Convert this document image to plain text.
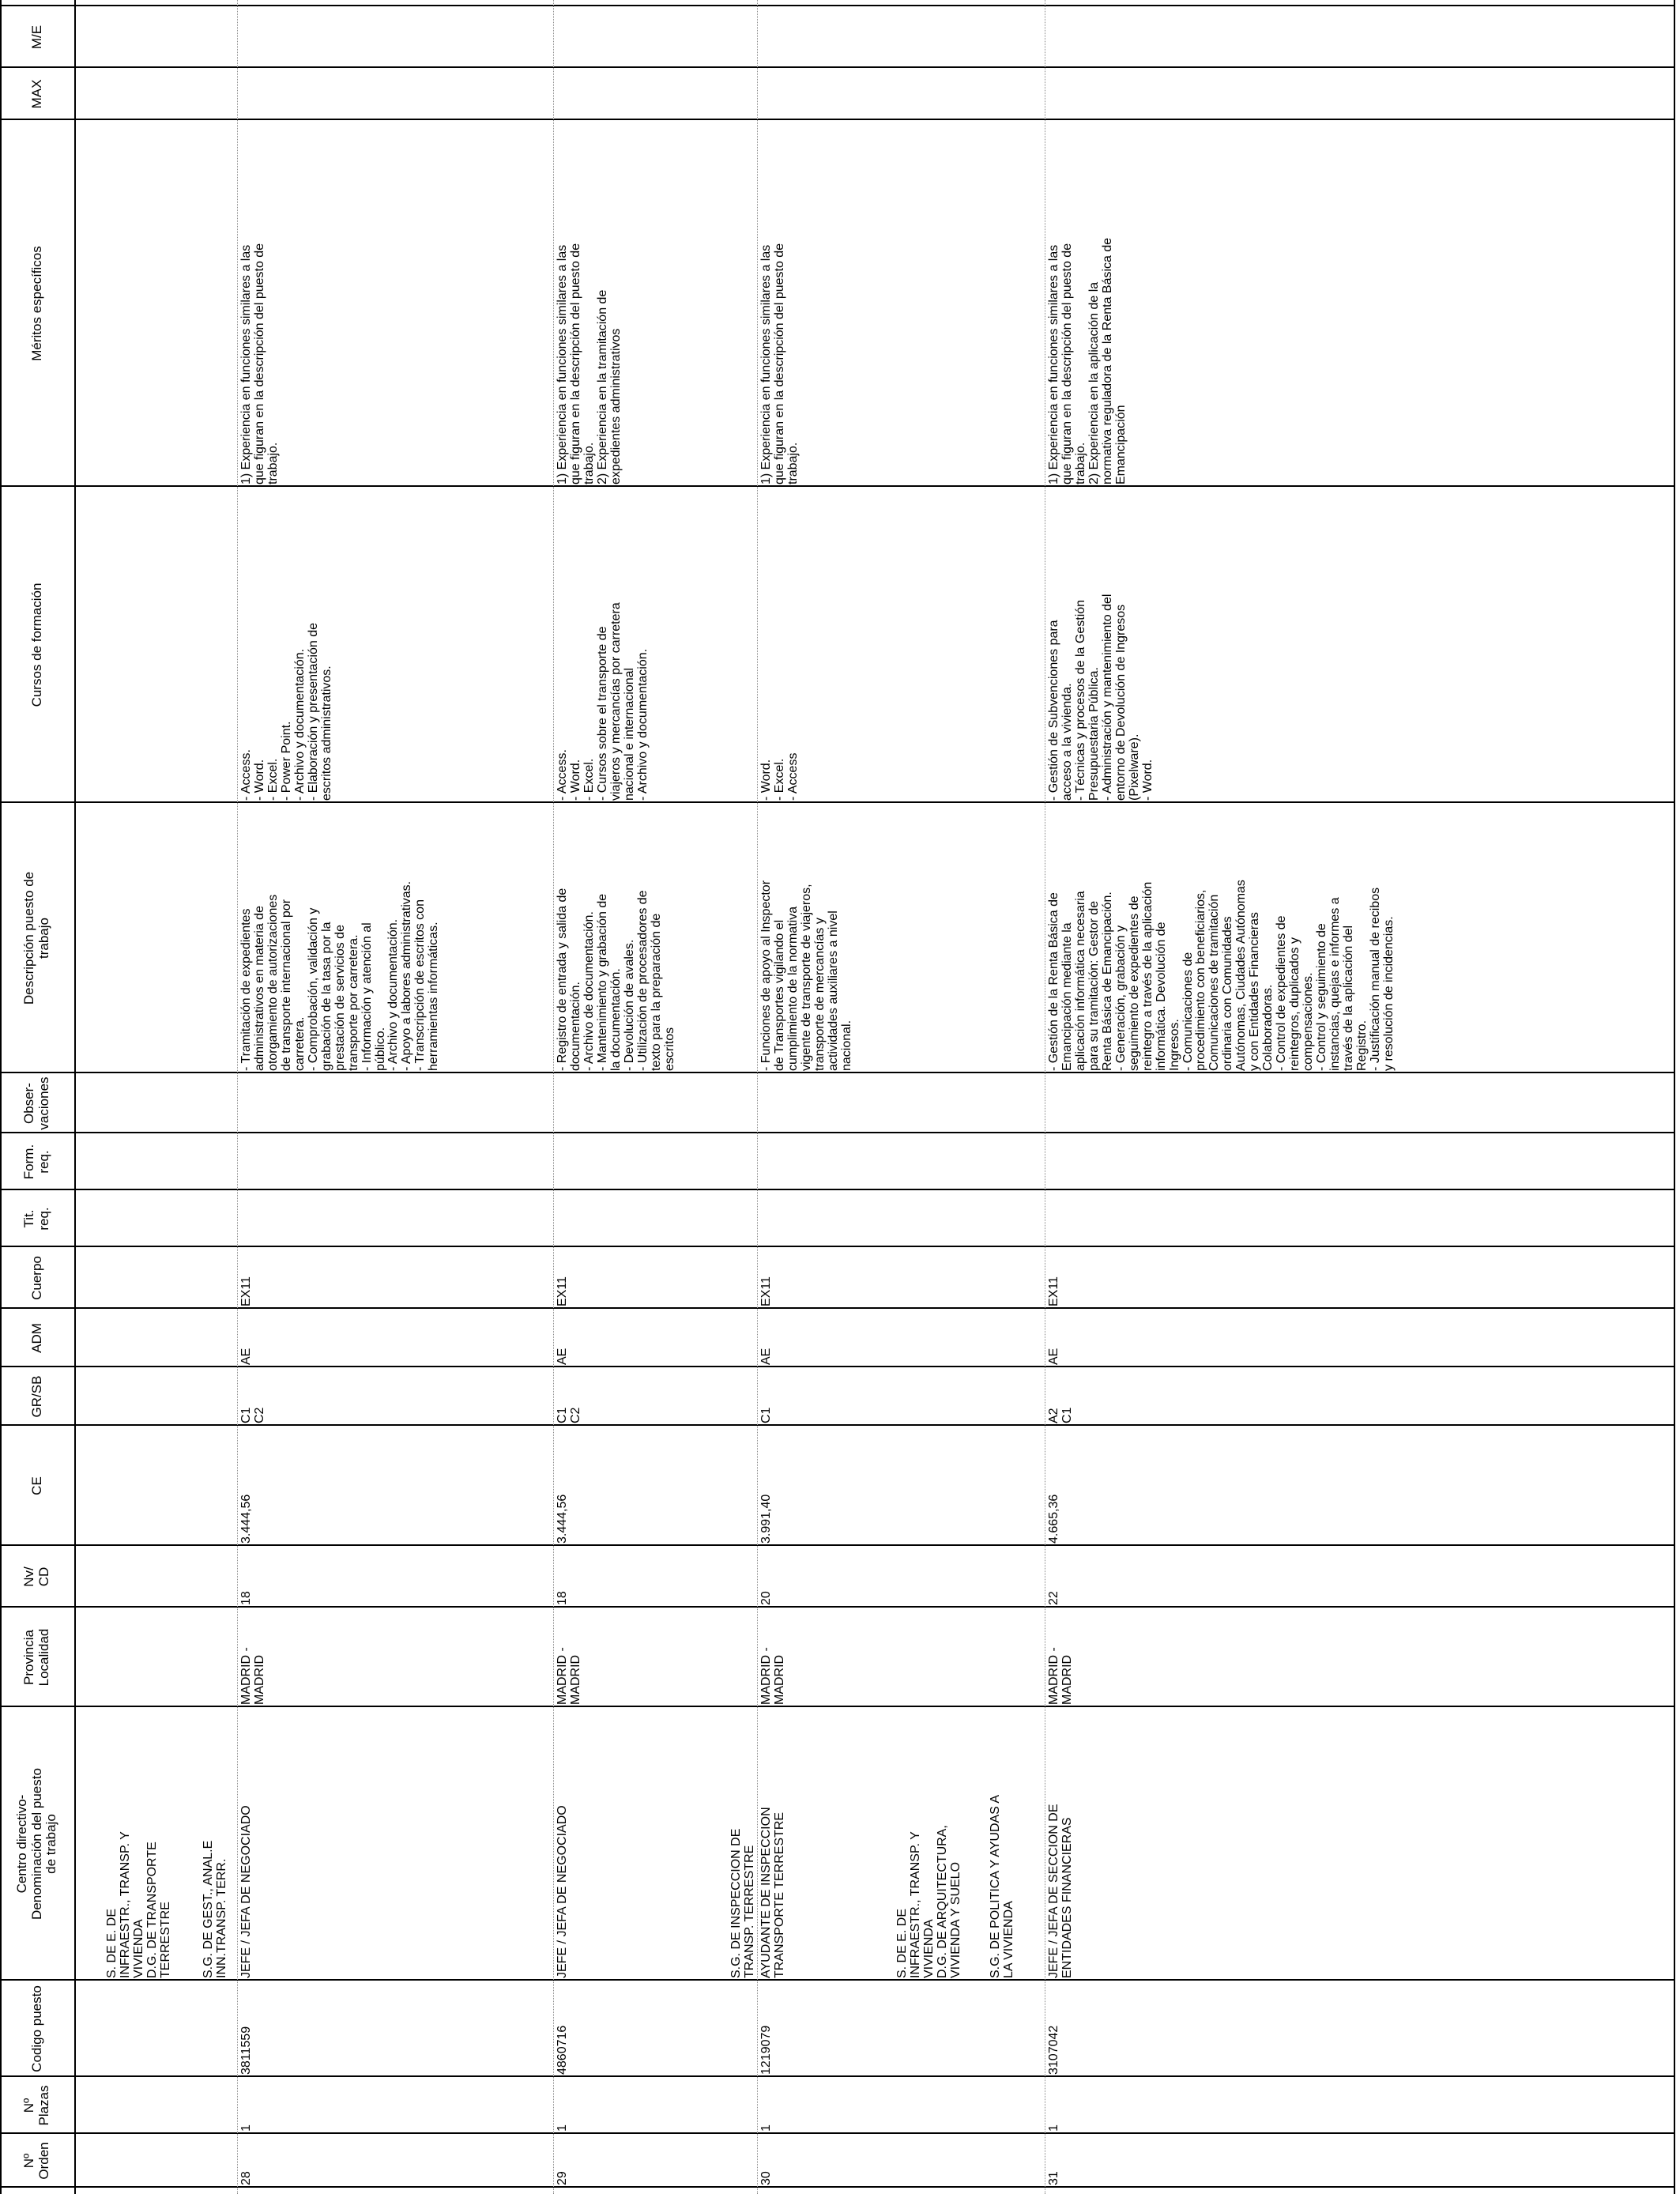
Nº Orden
Nº Plazas
Codigo puesto
Centro directivo-
Denominación del puesto
de trabajo
Provincia
Localidad
Nv/
CD
CE
GR/SB
ADM
Cuerpo
Tit.
req.
Form.
req.
Obser-
vaciones
Descripción puesto de
trabajo
Cursos de formación
Méritos específicos
MAX
M/E
S. DE E. DE INFRAESTR., TRANSP. Y VIVIENDA D.G. DE TRANSPORTE TERRESTRE S.G. DE GEST., ANAL.E INN.TRANSP. TERR.	S.G. DE INSPECCION DE TRANSP. TERRESTRE	S. DE E. DE INFRAESTR., TRANSP. Y VIVIENDA D.G. DE ARQUITECTURA, VIVIENDA Y SUELO S.G. DE POLITICA Y AYUDAS A LA VIVIENDA
28
1
3811559
JEFE / JEFA DE NEGOCIADO
MADRID - MADRID
18
3.444,56
C1 C2
AE
EX11
- Tramitación de expedientes administrativos en materia de otorgamiento de autorizaciones de transporte internacional por carretera. - Comprobación, validación y grabación de la tasa por la prestación de servicios de transporte por carretera. - Información y atención al público. - Archivo y documentación. - Apoyo a labores administrativas. - Transcripción de escritos con herramientas informáticas.
- Access. - Word. - Excel. - Power Point. - Archivo y documentación. - Elaboración y presentación de escritos administrativos.
1) Experiencia en funciones similares a las que figuran en la descripción del puesto de trabajo.
29
1
4860716
JEFE / JEFA DE NEGOCIADO
MADRID - MADRID
18
3.444,56
C1 C2
AE
EX11
- Registro de entrada y salida de documentación. - Archivo de documentación. - Mantenimiento y grabación de la documentación. - Devolución de avales. - Utilización de procesadores de texto para la preparación de escritos
- Access. - Word. - Excel. - Cursos sobre el transporte de viajeros y mercancías por carretera nacional e internacional - Archivo y documentación.
1) Experiencia en funciones similares a las que figuran en la descripción del puesto de trabajo. 2) Experiencia en la tramitación de expedientes administrativos
30
1
1219079
AYUDANTE DE INSPECCION TRANSPORTE TERRESTRE
MADRID - MADRID
20
3.991,40
C1
AE
EX11
- Funciones de apoyo al Inspector de Transportes vigilando el cumplimiento de la normativa vigente de transporte de viajeros, transporte de mercancías y actividades auxiliares a nivel nacional.
- Word. - Excel. - Access
1) Experiencia en funciones similares a las que figuran en la descripción del puesto de trabajo.
31
1
3107042
JEFE / JEFA DE SECCION DE ENTIDADES FINANCIERAS
MADRID - MADRID
22
4.665,36
A2 C1
AE
EX11
- Gestión de la Renta Básica de Emancipación mediante la aplicación informática necesaria para su tramitación: Gestor de Renta Básica de Emancipación. - Generación, grabación y seguimiento de expedientes de reintegro a través de la aplicación informática. Devolución de Ingresos. - Comunicaciones de procedimiento con beneficiarios, Comunicaciones de tramitación ordinaria con Comunidades Autónomas, Ciudades Autónomas y con Entidades Financieras Colaboradoras. - Control de expedientes de reintegros, duplicados y compensaciones. - Control y seguimiento de instancias, quejas e informes a través de la aplicación del Registro. - Justificación manual de recibos y resolución de incidencias.
- Gestión de Subvenciones para acceso a la vivienda. - Técnicas y procesos de la Gestión Presupuestaria Pública. - Administración y mantenimiento del entorno de Devolución de Ingresos (Pixelware). - Word.
1) Experiencia en funciones similares a las que figuran en la descripción del puesto de trabajo. 2) Experiencia en la aplicación de la normativa reguladora de la Renta Básica de Emancipación
